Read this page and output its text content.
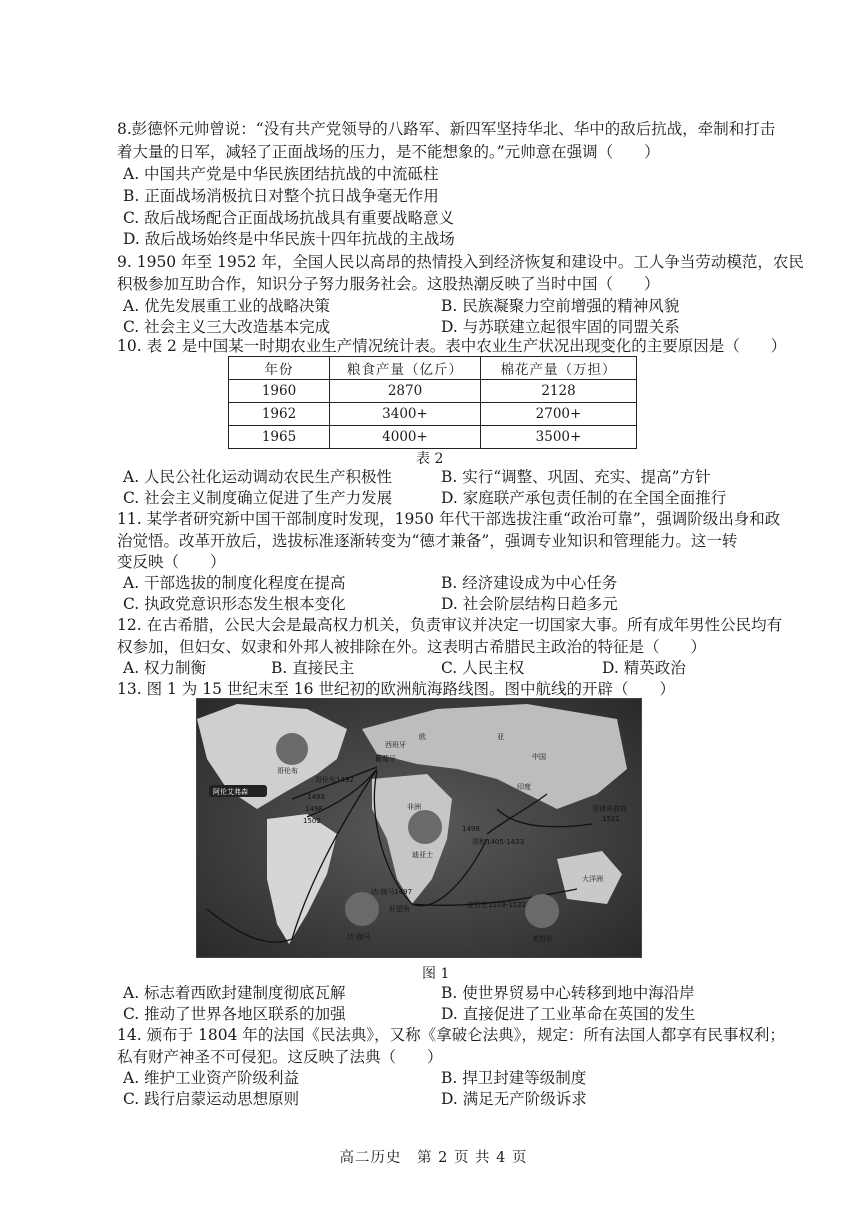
8.彭德怀元帅曾说：“没有共产党领导的八路军、新四军坚持华北、华中的敌后抗战，牵制和打击
着大量的日军，减轻了正面战场的压力，是不能想象的。”元帅意在强调（　　）
A. 中国共产党是中华民族团结抗战的中流砥柱
B. 正面战场消极抗日对整个抗日战争毫无作用
C. 敌后战场配合正面战场抗战具有重要战略意义
D. 敌后战场始终是中华民族十四年抗战的主战场
9. 1950 年至 1952 年，全国人民以高昂的热情投入到经济恢复和建设中。工人争当劳动模范，农民
积极参加互助合作，知识分子努力服务社会。这股热潮反映了当时中国（　　）
A. 优先发展重工业的战略决策	B. 民族凝聚力空前增强的精神风貌
C. 社会主义三大改造基本完成	D. 与苏联建立起很牢固的同盟关系
10. 表 2 是中国某一时期农业生产情况统计表。表中农业生产状况出现变化的主要原因是（　　）
年份	粮食产量（亿斤）	棉花产量（万担）
1960	2870	2128
1962	3400+	2700+
1965	4000+	3500+
表 2
A. 人民公社化运动调动农民生产积极性	B. 实行“调整、巩固、充实、提高”方针
C. 社会主义制度确立促进了生产力发展	D. 家庭联产承包责任制的在全国全面推行
11. 某学者研究新中国干部制度时发现，1950 年代干部选拔注重“政治可靠”，强调阶级出身和政
治觉悟。改革开放后，选拔标准逐渐转变为“德才兼备”，强调专业知识和管理能力。这一转
变反映（　　）
A. 干部选拔的制度化程度在提高	B. 经济建设成为中心任务
C. 执政党意识形态发生根本变化	D. 社会阶层结构日趋多元
12. 在古希腊，公民大会是最高权力机关，负责审议并决定一切国家大事。所有成年男性公民均有
权参加，但妇女、奴隶和外邦人被排除在外。这表明古希腊民主政治的特征是（　　）
A. 权力制衡	B. 直接民主	C. 人民主权	D. 精英政治
13. 图 1 为 15 世纪末至 16 世纪初的欧洲航海路线图。图中航线的开辟（　　）
阿伦艾弗森
哥伦布
哥伦布1492
葡萄牙
西班牙
1493
1498
1502
迪亚士
达·伽马1497
好望角
达·伽马
1498
郑和1405-1433
麦哲伦1519-1522
麦哲伦
1521
菲律宾群岛
中国
印度
欧	亚
非洲
大洋洲
图 1
A. 标志着西欧封建制度彻底瓦解	B. 使世界贸易中心转移到地中海沿岸
C. 推动了世界各地区联系的加强	D. 直接促进了工业革命在英国的发生
14. 颁布于 1804 年的法国《民法典》，又称《拿破仑法典》，规定：所有法国人都享有民事权利；
私有财产神圣不可侵犯。这反映了法典（　　）
A. 维护工业资产阶级利益	B. 捍卫封建等级制度
C. 践行启蒙运动思想原则	D. 满足无产阶级诉求
高二历史　第 2 页 共 4 页
